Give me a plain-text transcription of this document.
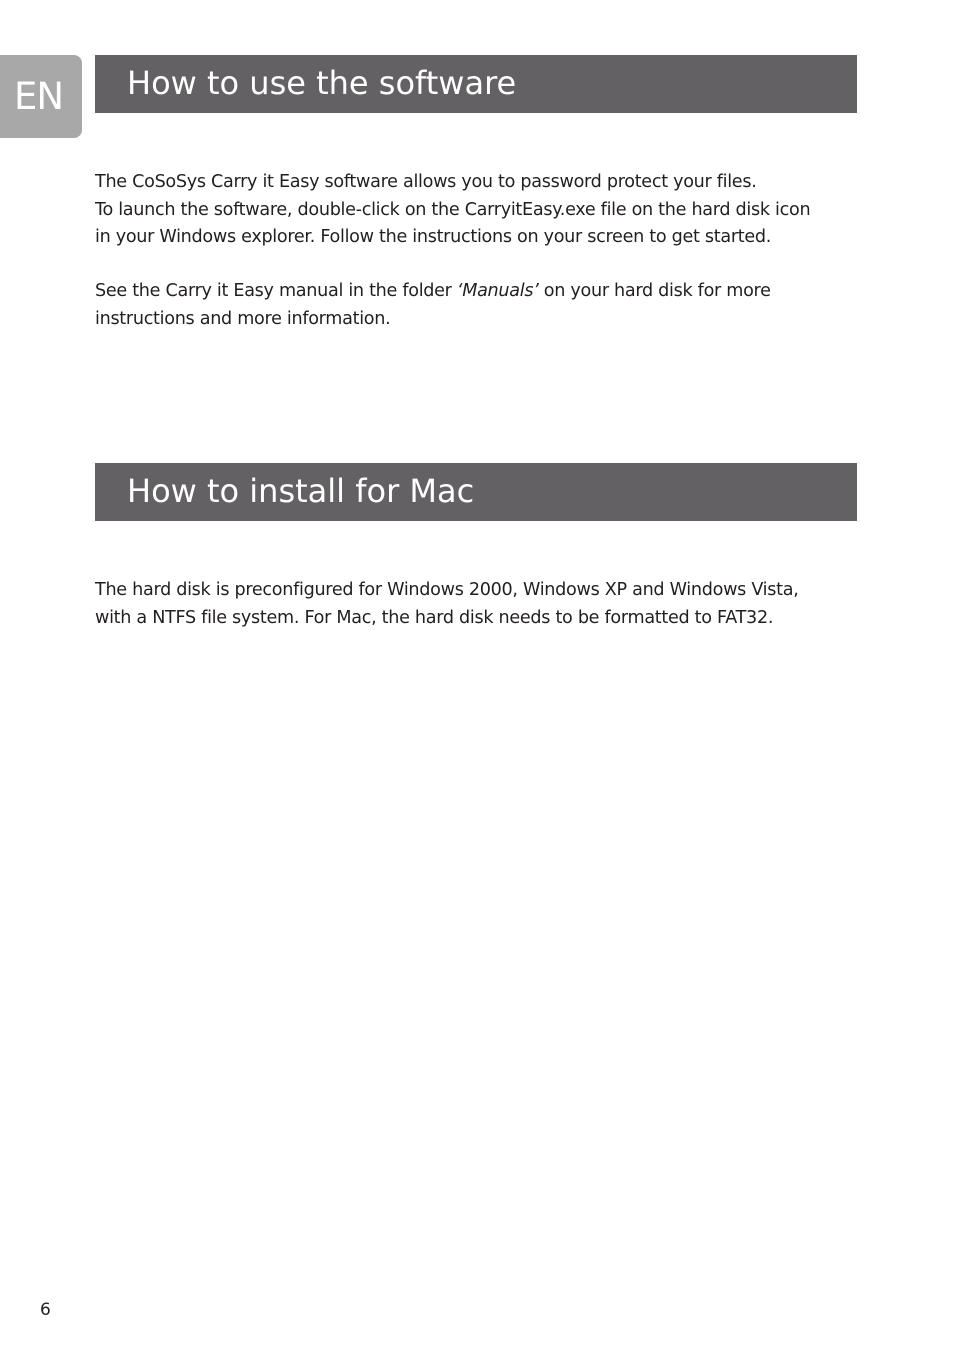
EN How to use the software

The CoSoSys Carry it Easy software allows you to password protect your files.
To launch the software, double-click on the CarryitEasy.exe file on the hard disk icon
in your Windows explorer. Follow the instructions on your screen to get started.

See the Carry it Easy manual in the folder ‘Manuals’ on your hard disk for more
instructions and more information.

How to install for Mac

The hard disk is preconfigured for Windows 2000, Windows XP and Windows Vista,
with a NTFS file system. For Mac, the hard disk needs to be formatted to FAT32.

6
